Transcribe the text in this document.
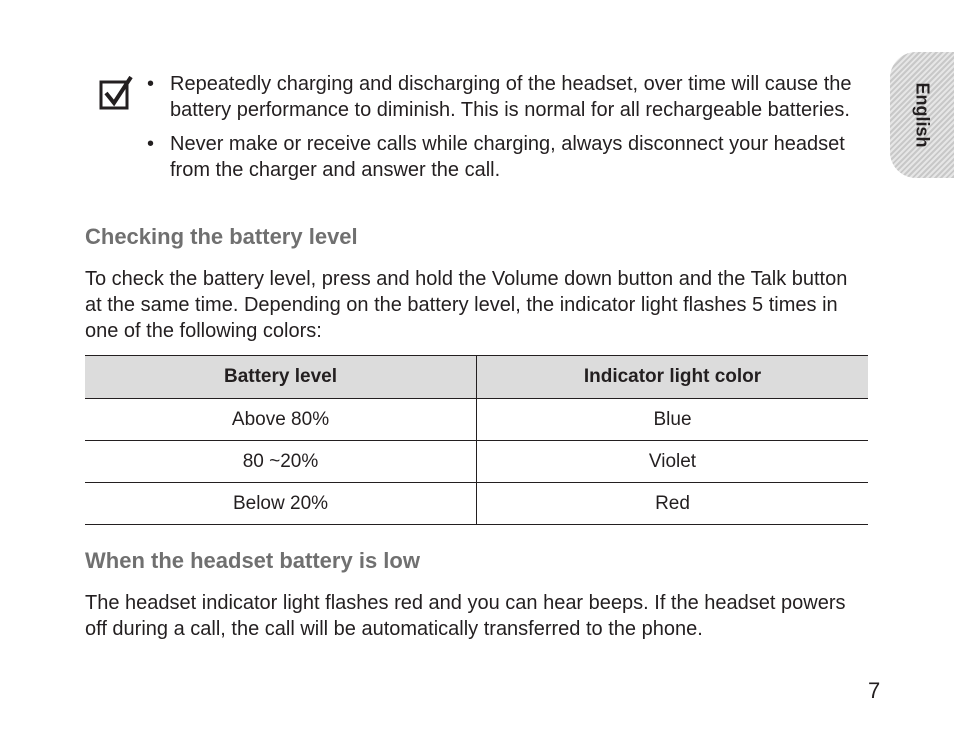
English
• Repeatedly charging and discharging of the headset, over time will cause the battery performance to diminish. This is normal for all rechargeable batteries.
• Never make or receive calls while charging, always disconnect your headset from the charger and answer the call.
Checking the battery level

To check the battery level, press and hold the Volume down button and the Talk button at the same time. Depending on the battery level, the indicator light flashes 5 times in one of the following colors:

Battery level	Indicator light color
Above 80%	Blue
80 ~20%	Violet
Below 20%	Red
When the headset battery is low

The headset indicator light flashes red and you can hear beeps. If the headset powers off during a call, the call will be automatically transferred to the phone.

7
